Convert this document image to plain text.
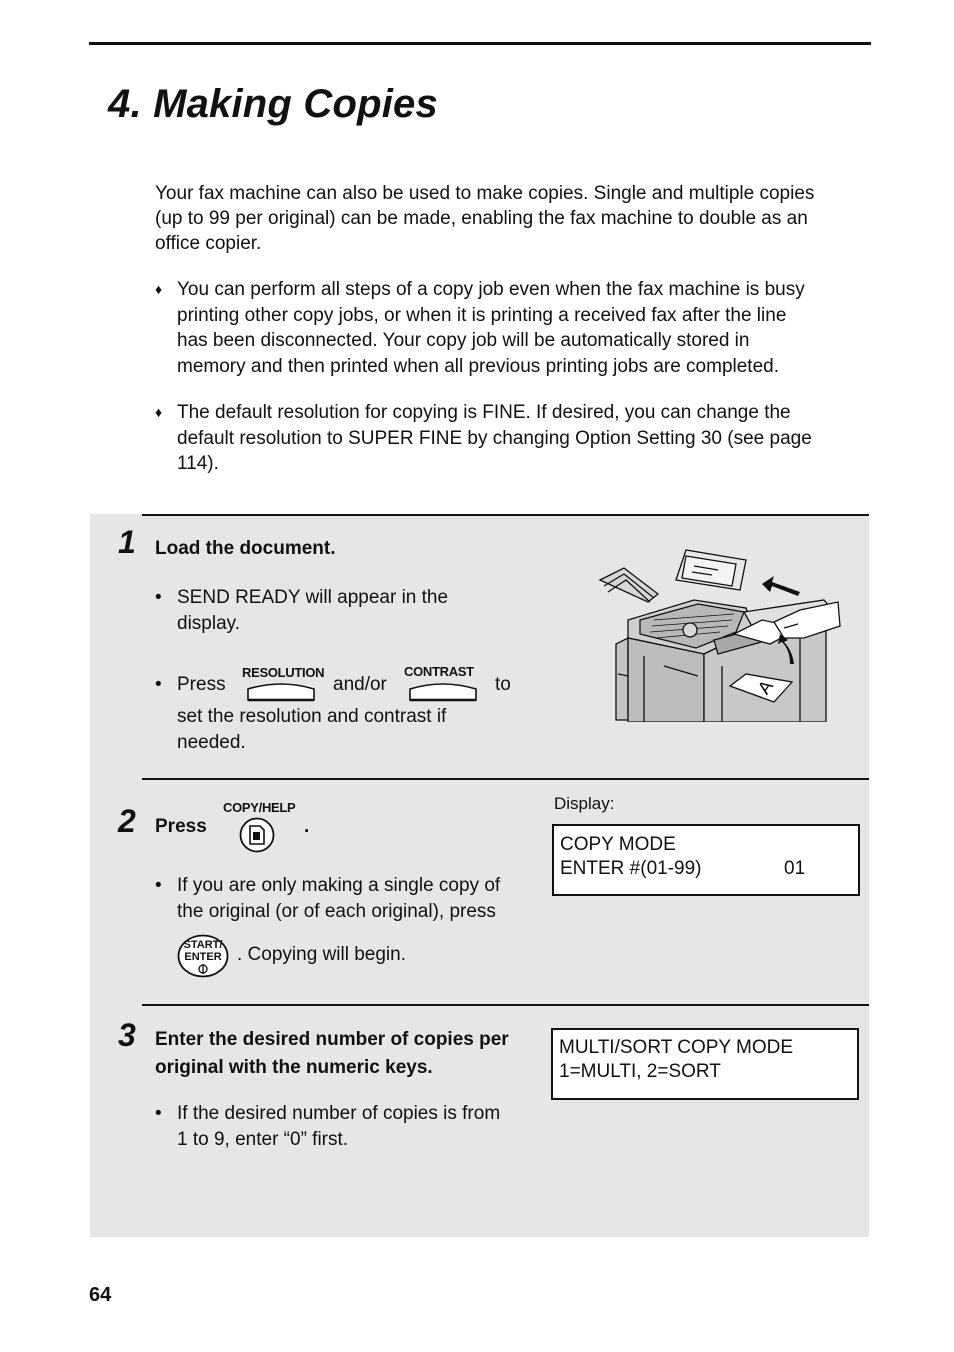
4. Making Copies
Your fax machine can also be used to make copies. Single and multiple copies
(up to 99 per original) can be made, enabling the fax machine to double as an
office copier.
♦ You can perform all steps of a copy job even when the fax machine is busy
printing other copy jobs, or when it is printing a received fax after the line
has been disconnected. Your copy job will be automatically stored in
memory and then printed when all previous printing jobs are completed.
♦ The default resolution for copying is FINE. If desired, you can change the
default resolution to SUPER FINE by changing Option Setting 30 (see page
114).
1 Load the document.
• SEND READY will appear in the
display.
• Press	and/or	to
set the resolution and contrast if
needed.
RESOLUTION	CONTRAST
A
2 Press
COPY/HELP
.
• If you are only making a single copy of
the original (or of each original), press
START/
ENTER . Copying will begin.
Display:
COPY MODE
ENTER #(01-99)	01
3 Enter the desired number of copies per
original with the numeric keys.
• If the desired number of copies is from
1 to 9, enter “0” first.
MULTI/SORT COPY MODE
1=MULTI, 2=SORT
64
